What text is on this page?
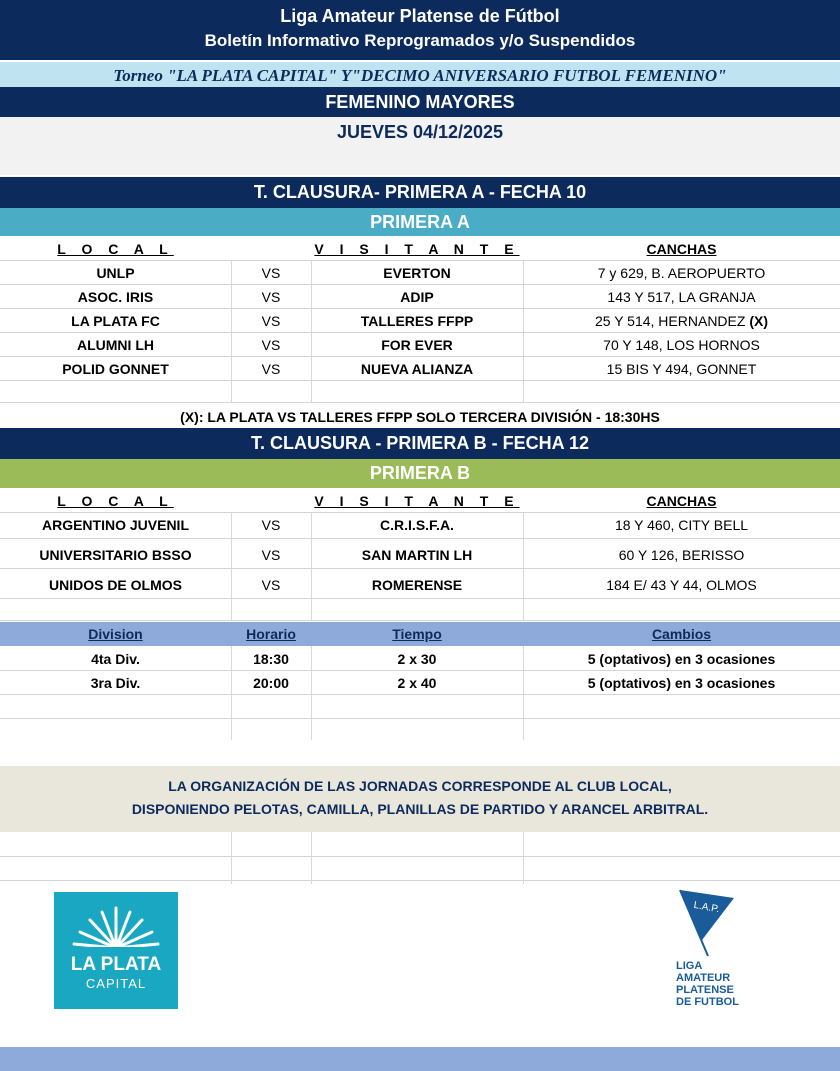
Liga Amateur Platense de Fútbol
Boletín Informativo Reprogramados y/o Suspendidos
Torneo "LA PLATA CAPITAL" Y"DECIMO ANIVERSARIO FUTBOL FEMENINO"
FEMENINO MAYORES
JUEVES 04/12/2025
T. CLAUSURA- PRIMERA A - FECHA 10
PRIMERA A
L O C A L	V I S I T A N T E	CANCHAS
UNLP	VS	EVERTON	7 y 629, B. AEROPUERTO
ASOC. IRIS	VS	ADIP	143 Y 517, LA GRANJA
LA PLATA FC	VS	TALLERES FFPP	25 Y 514, HERNANDEZ (X)
ALUMNI LH	VS	FOR EVER	70 Y 148, LOS HORNOS
POLID GONNET	VS	NUEVA ALIANZA	15 BIS Y 494, GONNET
(X): LA PLATA VS TALLERES FFPP SOLO TERCERA DIVISIÓN - 18:30HS
T. CLAUSURA - PRIMERA B - FECHA 12
PRIMERA B
L O C A L	V I S I T A N T E	CANCHAS
ARGENTINO JUVENIL	VS	C.R.I.S.F.A.	18 Y 460, CITY BELL
UNIVERSITARIO BSSO	VS	SAN MARTIN LH	60 Y 126, BERISSO
UNIDOS DE OLMOS	VS	ROMERENSE	184 E/ 43 Y 44, OLMOS
Division	Horario	Tiempo	Cambios
4ta Div.	18:30	2 x 30	5 (optativos) en 3 ocasiones
3ra Div.	20:00	2 x 40	5 (optativos) en 3 ocasiones
LA ORGANIZACIÓN DE LAS JORNADAS CORRESPONDE AL CLUB LOCAL,
DISPONIENDO PELOTAS, CAMILLA, PLANILLAS DE PARTIDO Y ARANCEL ARBITRAL.
LA PLATA
CAPITAL
L.A.P.
LIGA
AMATEUR
PLATENSE
DE FUTBOL
